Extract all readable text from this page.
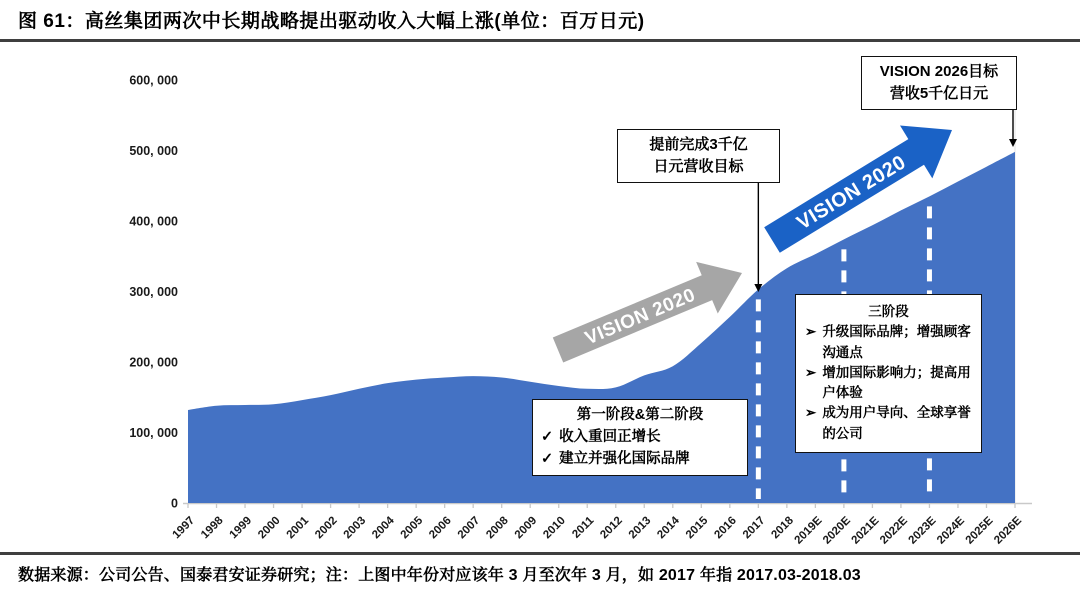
图 61：高丝集团两次中长期战略提出驱动收入大幅上涨(单位：百万日元)
0
100, 000
200, 000
300, 000
400, 000
500, 000
600, 000
1997 1998 1999 2000 2001 2002 2003 2004 2005 2006 2007 2008 2009 2010 2011 2012 2013 2014 2015 2016 2017 2018
2019E
2020E
2021E
2022E
2023E
2024E
2025E
2026E
VISION 2020
VISION 2020
提前完成3千亿
日元营收目标
VISION 2026目标
营收5千亿日元
第一阶段&第二阶段
✓ 收入重回正增长
✓ 建立并强化国际品牌
三阶段
➢ 升级国际品牌；增强顾客沟通点
➢ 增加国际影响力；提高用户体验
➢ 成为用户导向、全球享誉的公司
数据来源：公司公告、国泰君安证券研究；注：上图中年份对应该年 3 月至次年 3 月，如 2017 年指 2017.03-2018.03
